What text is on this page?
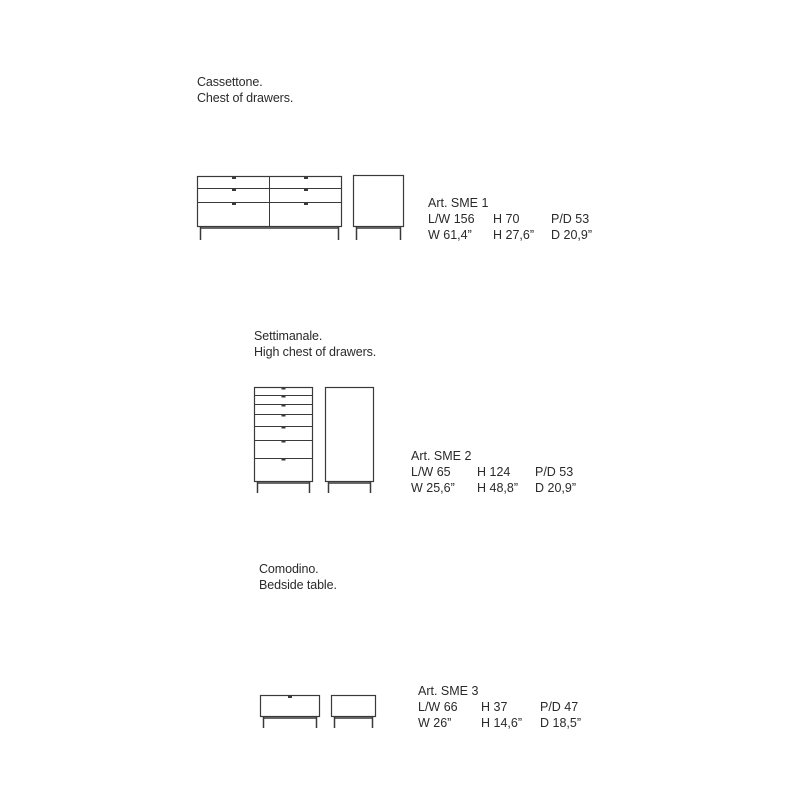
Cassettone.
Chest of drawers.
Art. SME 1
L/W 156 H 70	P/D 53
W 61,4” H 27,6” D 20,9”
Settimanale.
High chest of drawers.
Art. SME 2
L/W 65 H 124 P/D 53
W 25,6” H 48,8” D 20,9”
Comodino.
Bedside table.
Art. SME 3
L/W 66 H 37	P/D 47
W 26” H 14,6” D 18,5”
